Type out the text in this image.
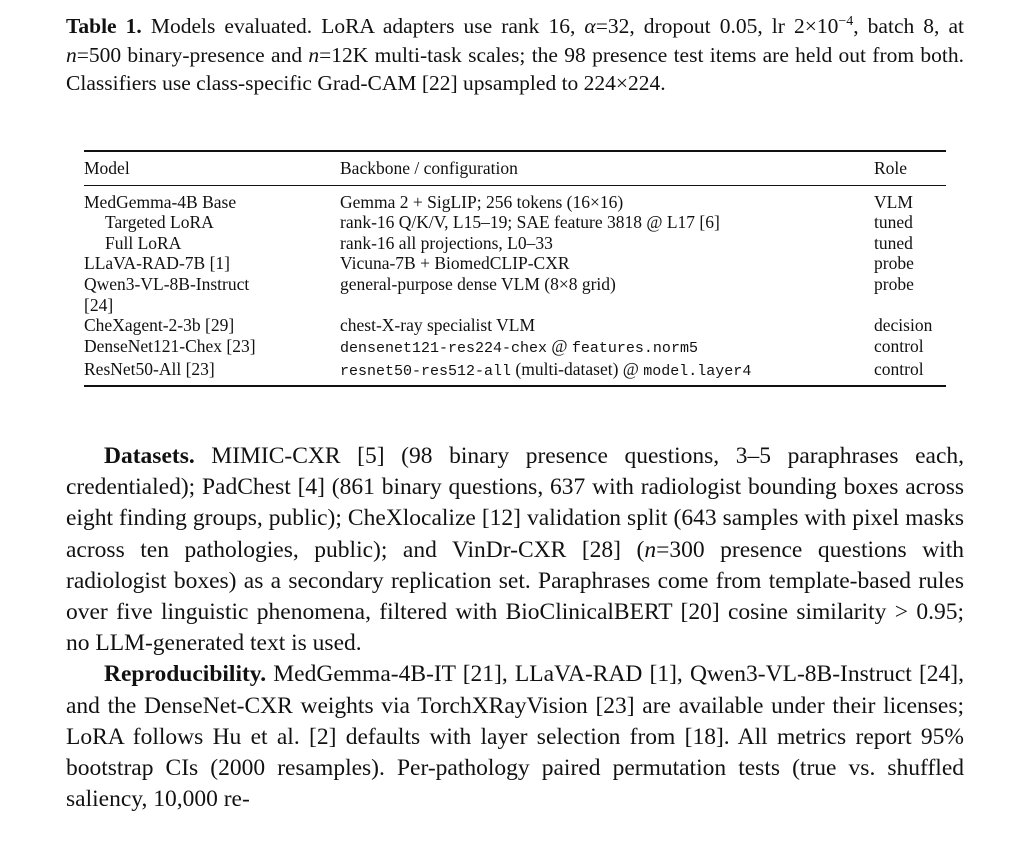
Table 1. Models evaluated. LoRA adapters use rank 16, α=32, dropout 0.05, lr $2\times 10^{-4}$, batch 8, at n=500 binary-presence and n=12K multi-task scales; the 98 presence test items are held out from both. Classifiers use class-specific Grad-CAM [22] upsampled to 224×224.
Model	Backbone / configuration	Role
MedGemma-4B Base	Gemma 2 + SigLIP; 256 tokens (16×16)	VLM
Targeted LoRA	rank-16 Q/K/V, L15–19; SAE feature 3818 @ L17 [6]	tuned
Full LoRA	rank-16 all projections, L0–33	tuned
LLaVA-RAD-7B [1]	Vicuna-7B + BiomedCLIP-CXR	probe
Qwen3-VL-8B-Instruct [24]	general-purpose dense VLM (8×8 grid)	probe
CheXagent-2-3b [29]	chest-X-ray specialist VLM	decision
DenseNet121-Chex [23]	densenet121-res224-chex @ features.norm5	control
ResNet50-All [23]	resnet50-res512-all (multi-dataset) @ model.layer4	control

Datasets. MIMIC-CXR [5] (98 binary presence questions, 3–5 paraphrases each, credentialed); PadChest [4] (861 binary questions, 637 with radiologist bounding boxes across eight finding groups, public); CheXlocalize [12] validation split (643 samples with pixel masks across ten pathologies, public); and VinDr-CXR [28] (n=300 presence questions with radiologist boxes) as a secondary replication set. Paraphrases come from template-based rules over five linguistic phenomena, filtered with BioClinicalBERT [20] cosine similarity > 0.95; no LLM-generated text is used.

Reproducibility. MedGemma-4B-IT [21], LLaVA-RAD [1], Qwen3-VL-8B-Instruct [24], and the DenseNet-CXR weights via TorchXRayVision [23] are available under their licenses; LoRA follows Hu et al. [2] defaults with layer selection from [18]. All metrics report 95% bootstrap CIs (2000 resamples). Per-pathology paired permutation tests (true vs. shuffled saliency, 10,000 re-
